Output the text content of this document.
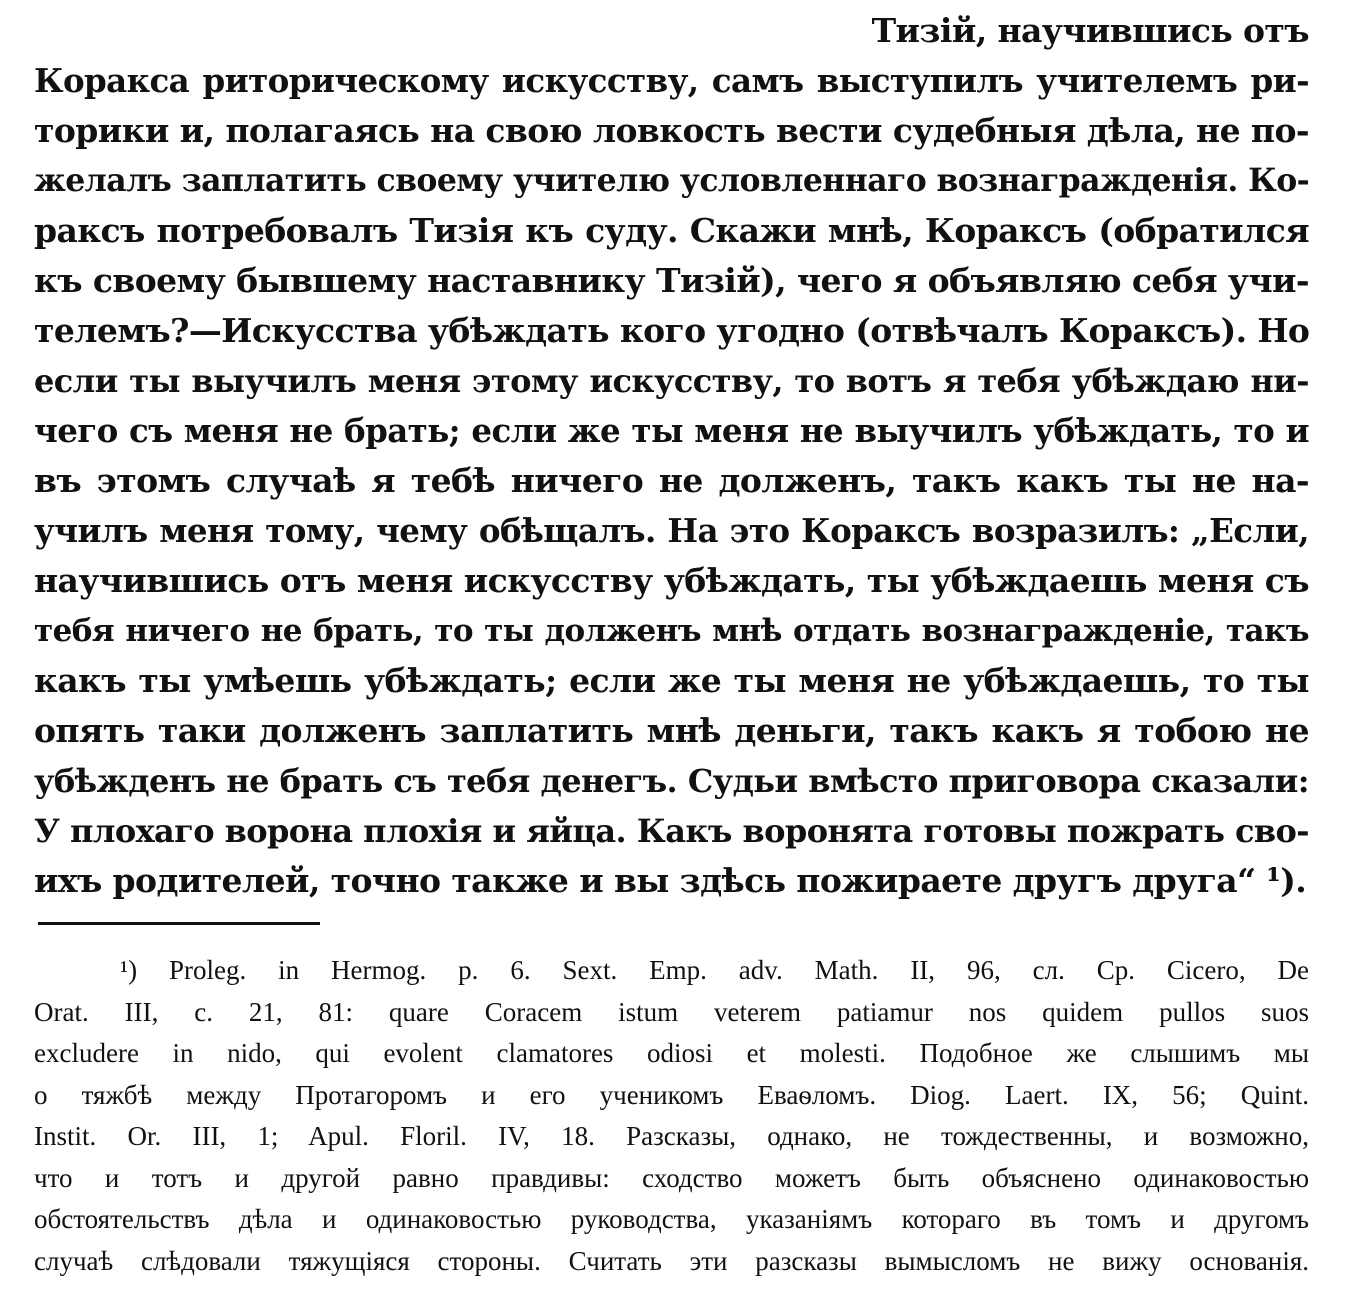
Тизій, научившись отъ
Коракса риторическому искусству, самъ выступилъ учителемъ ри-
торики и, полагаясь на свою ловкость вести судебныя дѣла, не по-
желалъ заплатить своему учителю условленнаго вознагражденія. Ко-
раксъ потребовалъ Тизія къ суду. Скажи мнѣ, Кораксъ (обратился
къ своему бывшему наставнику Тизій), чего я объявляю себя учи-
телемъ?—Искусства убѣждать кого угодно (отвѣчалъ Кораксъ). Но
если ты выучилъ меня этому искусству, то вотъ я тебя убѣждаю ни-
чего съ меня не брать; если же ты меня не выучилъ убѣждать, то и
въ этомъ случаѣ я тебѣ ничего не долженъ, такъ какъ ты не на-
училъ меня тому, чему обѣщалъ. На это Кораксъ возразилъ: „Если,
научившись отъ меня искусству убѣждать, ты убѣждаешь меня съ
тебя ничего не брать, то ты долженъ мнѣ отдать вознагражденіе, такъ
какъ ты умѣешь убѣждать; если же ты меня не убѣждаешь, то ты
опять таки долженъ заплатить мнѣ деньги, такъ какъ я тобою не
убѣжденъ не брать съ тебя денегъ. Судьи вмѣсто приговора сказали:
У плохаго ворона плохія и яйца. Какъ воронята готовы пожрать сво-
ихъ родителей, точно также и вы здѣсь пожираете другъ друга“ ¹).
¹) Proleg. in Hermog. p. 6. Sext. Emp. adv. Math. II, 96, сл. Ср. Cicero, De
Orat. III, c. 21, 81: quare Coracem istum veterem patiamur nos quidem pullos suos
excludere in nido, qui evolent clamatores odiosi et molesti. Подобное же слышимъ мы
о тяжбѣ между Протагоромъ и его ученикомъ Еваѳломъ. Diog. Laert. IX, 56; Quint.
Instit. Or. III, 1; Apul. Floril. IV, 18. Разсказы, однако, не тождественны, и возможно,
что и тотъ и другой равно правдивы: сходство можетъ быть объяснено одинаковостью
обстоятельствъ дѣла и одинаковостью руководства, указаніямъ котораго въ томъ и другомъ
случаѣ слѣдовали тяжущіяся стороны. Считать эти разсказы вымысломъ не вижу основанія.
